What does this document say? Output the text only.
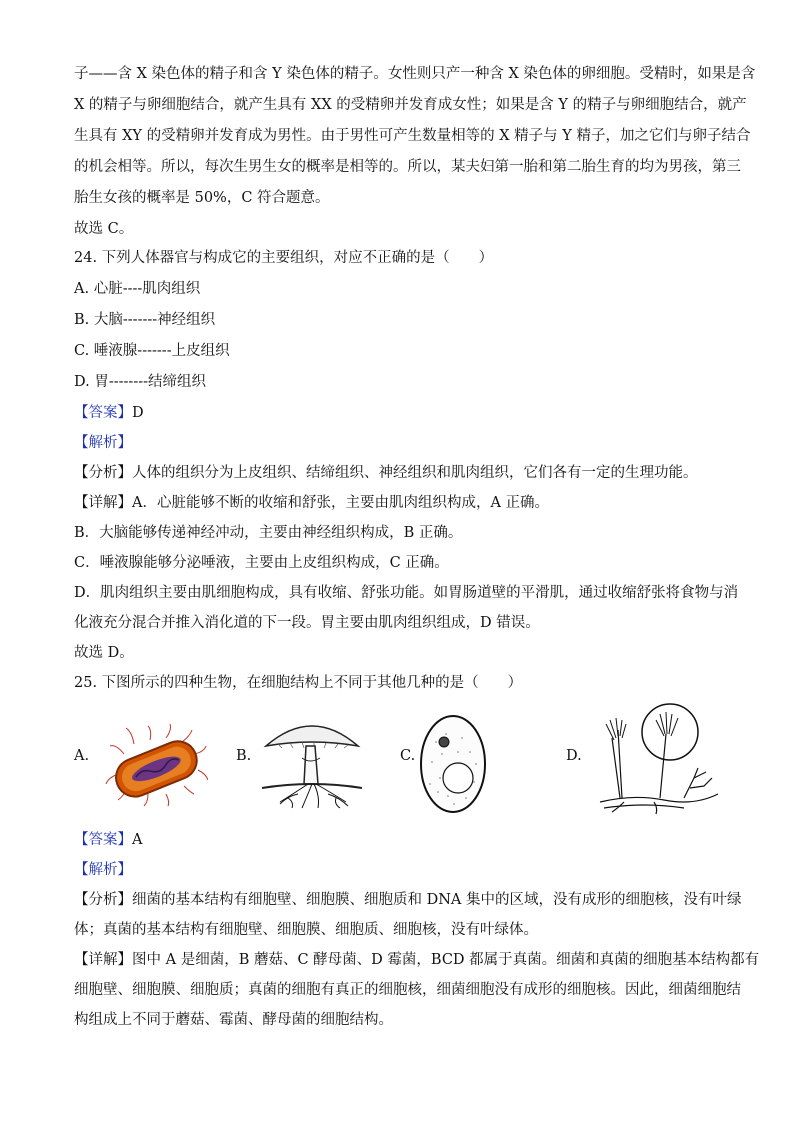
子——含 X 染色体的精子和含 Y 染色体的精子。女性则只产一种含 X 染色体的卵细胞。受精时，如果是含
X 的精子与卵细胞结合，就产生具有 XX 的受精卵并发育成女性；如果是含 Y 的精子与卵细胞结合，就产
生具有 XY 的受精卵并发育成为男性。由于男性可产生数量相等的 X 精子与 Y 精子，加之它们与卵子结合
的机会相等。所以，每次生男生女的概率是相等的。所以，某夫妇第一胎和第二胎生育的均为男孩，第三
胎生女孩的概率是 50%，C 符合题意。
故选 C。
24. 下列人体器官与构成它的主要组织，对应不正确的是（　　）
A. 心脏----肌肉组织
B. 大脑-------神经组织
C. 唾液腺-------上皮组织
D. 胃--------结缔组织
【答案】D
【解析】
【分析】人体的组织分为上皮组织、结缔组织、神经组织和肌肉组织，它们各有一定的生理功能。
【详解】A．心脏能够不断的收缩和舒张，主要由肌肉组织构成，A 正确。
B．大脑能够传递神经冲动，主要由神经组织构成，B 正确。
C．唾液腺能够分泌唾液，主要由上皮组织构成，C 正确。
D．肌肉组织主要由肌细胞构成，具有收缩、舒张功能。如胃肠道壁的平滑肌，通过收缩舒张将食物与消
化液充分混合并推入消化道的下一段。胃主要由肌肉组织组成，D 错误。
故选 D。
25. 下图所示的四种生物，在细胞结构上不同于其他几种的是（　　）
A.	B.	C.	D.
【答案】A
【解析】
【分析】细菌的基本结构有细胞壁、细胞膜、细胞质和 DNA 集中的区域，没有成形的细胞核，没有叶绿
体；真菌的基本结构有细胞壁、细胞膜、细胞质、细胞核，没有叶绿体。
【详解】图中 A 是细菌，B 蘑菇、C 酵母菌、D 霉菌，BCD 都属于真菌。细菌和真菌的细胞基本结构都有
细胞壁、细胞膜、细胞质；真菌的细胞有真正的细胞核，细菌细胞没有成形的细胞核。因此，细菌细胞结
构组成上不同于蘑菇、霉菌、酵母菌的细胞结构。
